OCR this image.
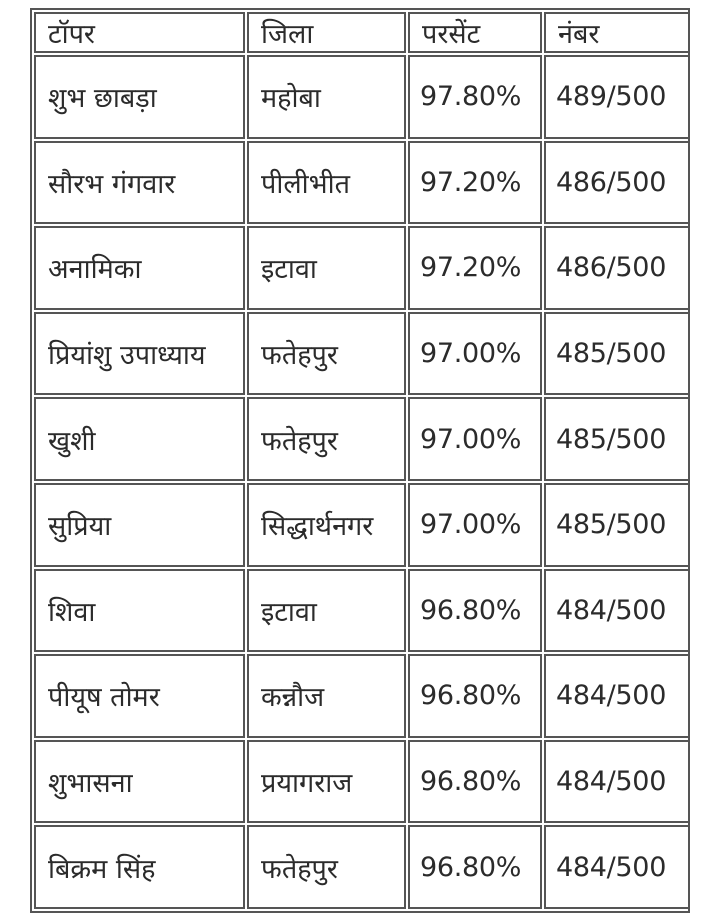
टॉपर	जिला	परसेंट	नंबर
शुभ छाबड़ा	महोबा	97.80%	489/500
सौरभ गंगवार	पीलीभीत	97.20%	486/500
अनामिका	इटावा	97.20%	486/500
प्रियांशु उपाध्याय	फतेहपुर	97.00%	485/500
खुशी	फतेहपुर	97.00%	485/500
सुप्रिया	सिद्धार्थनगर	97.00%	485/500
शिवा	इटावा	96.80%	484/500
पीयूष तोमर	कन्नौज	96.80%	484/500
शुभासना	प्रयागराज	96.80%	484/500
बिक्रम सिंह	फतेहपुर	96.80%	484/500
